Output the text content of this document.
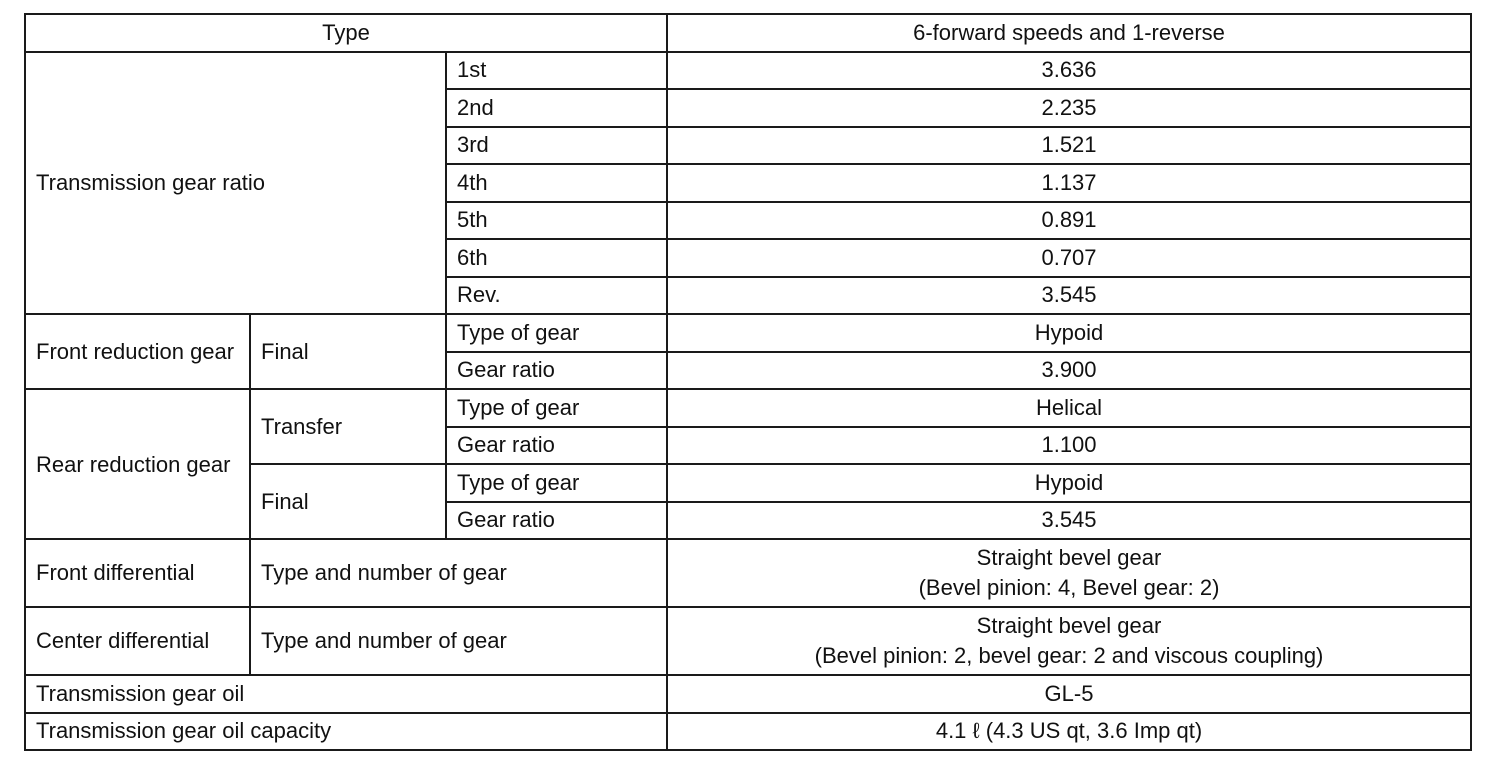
Type			6-forward speeds and 1-reverse
Transmission gear ratio		1st	3.636
		2nd	2.235
		3rd	1.521
		4th	1.137
		5th	0.891
		6th	0.707
		Rev.	3.545
Front reduction gear	Final	Type of gear	Hypoid
		Gear ratio	3.900
Rear reduction gear	Transfer	Type of gear	Helical
		Gear ratio	1.100
	Final	Type of gear	Hypoid
		Gear ratio	3.545
Front differential	Type and number of gear		Straight bevel gear
(Bevel pinion: 4, Bevel gear: 2)

Center differential	Type and number of gear		Straight bevel gear
(Bevel pinion: 2, bevel gear: 2 and viscous coupling)

Transmission gear oil			GL-5
Transmission gear oil capacity			4.1 ℓ (4.3 US qt, 3.6 Imp qt)
